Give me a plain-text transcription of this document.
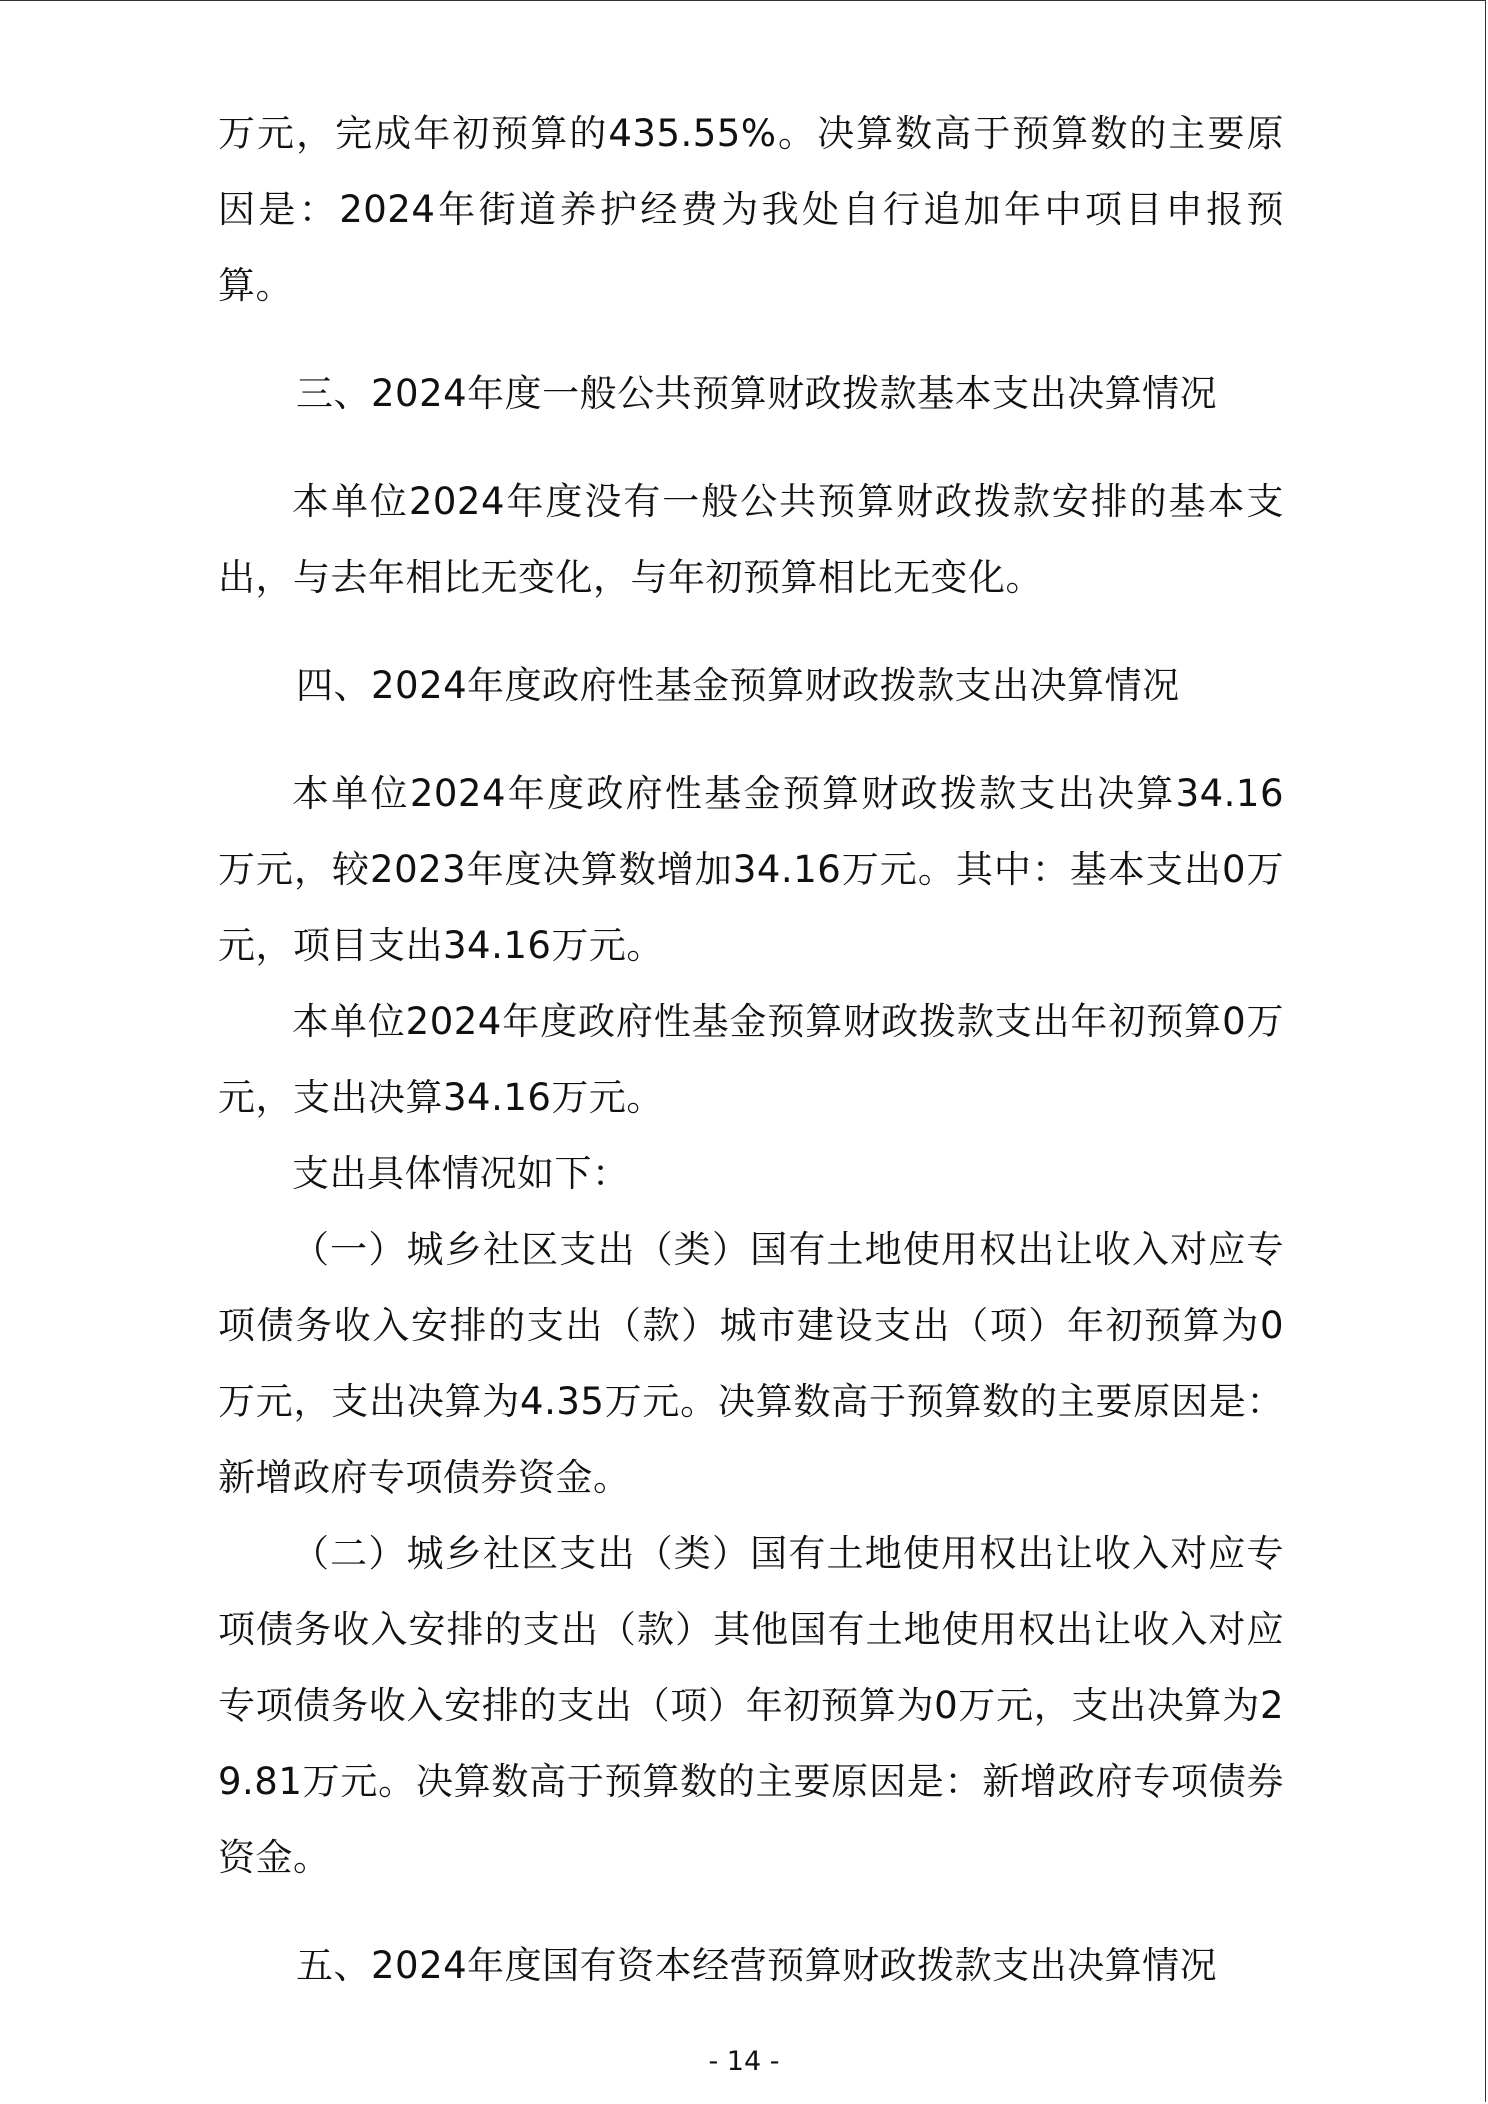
万元，完成年初预算的435.55%。决算数高于预算数的主要原因是：2024年街道养护经费为我处自行追加年中项目申报预算。

三、2024年度一般公共预算财政拨款基本支出决算情况

本单位2024年度没有一般公共预算财政拨款安排的基本支出，与去年相比无变化，与年初预算相比无变化。

四、2024年度政府性基金预算财政拨款支出决算情况

本单位2024年度政府性基金预算财政拨款支出决算34.16万元，较2023年度决算数增加34.16万元。其中：基本支出0万元，项目支出34.16万元。

本单位2024年度政府性基金预算财政拨款支出年初预算0万元，支出决算34.16万元。

支出具体情况如下：

（一）城乡社区支出（类）国有土地使用权出让收入对应专项债务收入安排的支出（款）城市建设支出（项）年初预算为0万元，支出决算为4.35万元。决算数高于预算数的主要原因是：新增政府专项债券资金。

（二）城乡社区支出（类）国有土地使用权出让收入对应专项债务收入安排的支出（款）其他国有土地使用权出让收入对应专项债务收入安排的支出（项）年初预算为0万元，支出决算为29.81万元。决算数高于预算数的主要原因是：新增政府专项债券资金。

五、2024年度国有资本经营预算财政拨款支出决算情况

- 14 -
